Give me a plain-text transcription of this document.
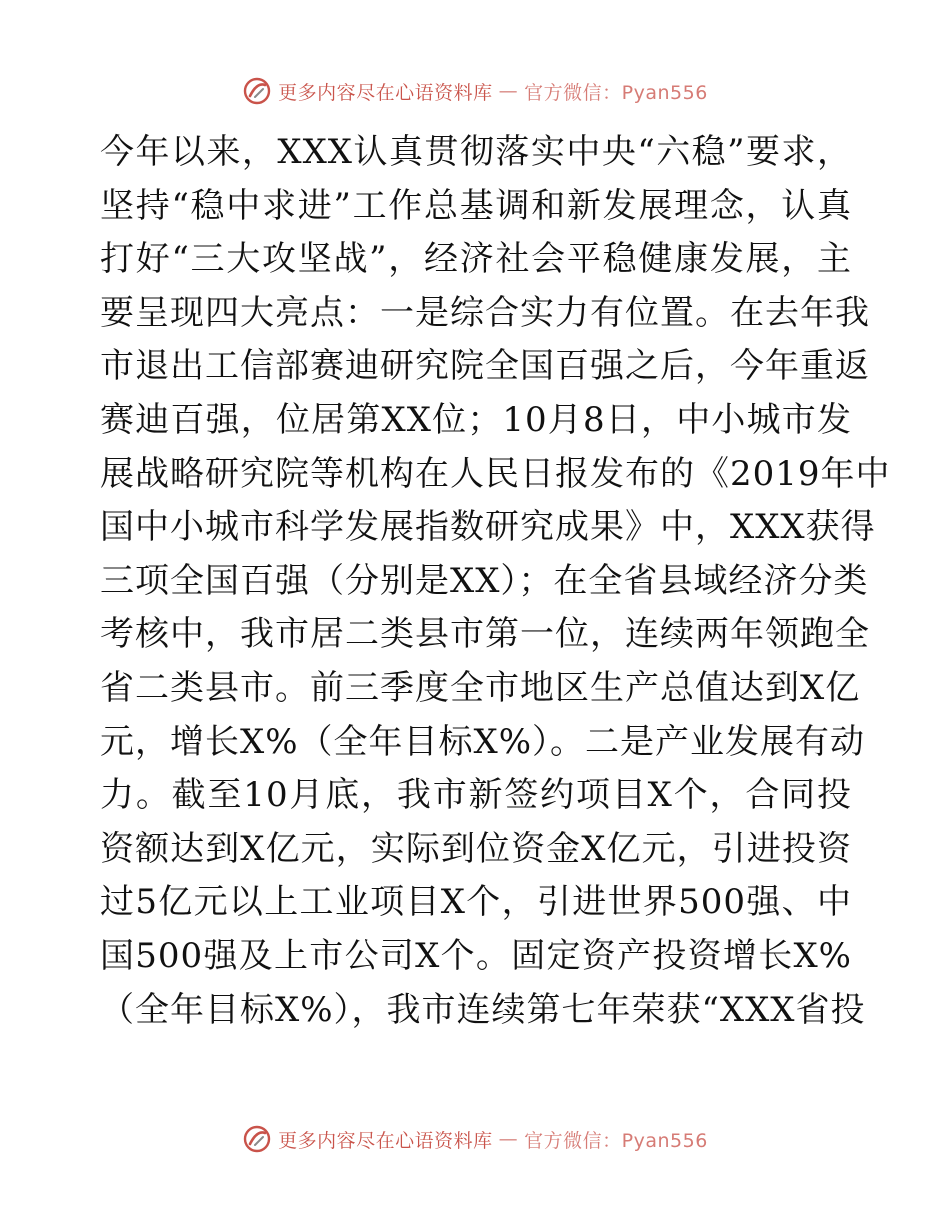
更多内容尽在心语资料库 — 官方微信：Pyan556
今年以来，XXX认真贯彻落实中央“六稳”要求，
坚持“稳中求进”工作总基调和新发展理念，认真
打好“三大攻坚战”，经济社会平稳健康发展，主
要呈现四大亮点：一是综合实力有位置。在去年我
市退出工信部赛迪研究院全国百强之后，今年重返
赛迪百强，位居第XX位；10月8日，中小城市发
展战略研究院等机构在人民日报发布的《2019年中
国中小城市科学发展指数研究成果》中，XXX获得
三项全国百强（分别是XX）；在全省县域经济分类
考核中，我市居二类县市第一位，连续两年领跑全
省二类县市。前三季度全市地区生产总值达到X亿
元，增长X%（全年目标X%）。二是产业发展有动
力。截至10月底，我市新签约项目X个，合同投
资额达到X亿元，实际到位资金X亿元，引进投资
过5亿元以上工业项目X个，引进世界500强、中
国500强及上市公司X个。固定资产投资增长X%
（全年目标X%），我市连续第七年荣获“XXX省投
更多内容尽在心语资料库 — 官方微信：Pyan556
